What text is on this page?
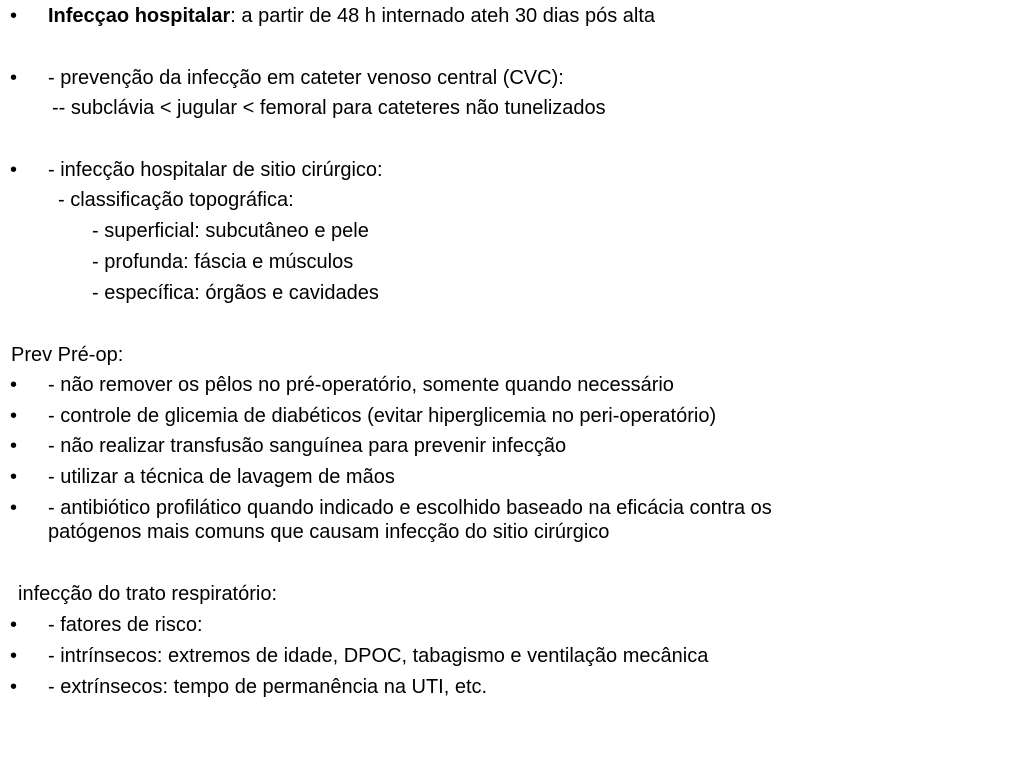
• Infecçao hospitalar: a partir de 48 h internado ateh 30 dias pós alta
• - prevenção da infecção em cateter venoso central (CVC):
-- subclávia < jugular < femoral para cateteres não tunelizados
• - infecção hospitalar de sitio cirúrgico:
- classificação topográfica:
- superficial: subcutâneo e pele
- profunda: fáscia e músculos
- específica: órgãos e cavidades
Prev Pré-op:
• - não remover os pêlos no pré-operatório, somente quando necessário
• - controle de glicemia de diabéticos (evitar hiperglicemia no peri-operatório)
• - não realizar transfusão sanguínea para prevenir infecção
• - utilizar a técnica de lavagem de mãos
• - antibiótico profilático quando indicado e escolhido baseado na eficácia contra os
patógenos mais comuns que causam infecção do sitio cirúrgico
infecção do trato respiratório:
• - fatores de risco:
• - intrínsecos: extremos de idade, DPOC, tabagismo e ventilação mecânica
• - extrínsecos: tempo de permanência na UTI, etc.
